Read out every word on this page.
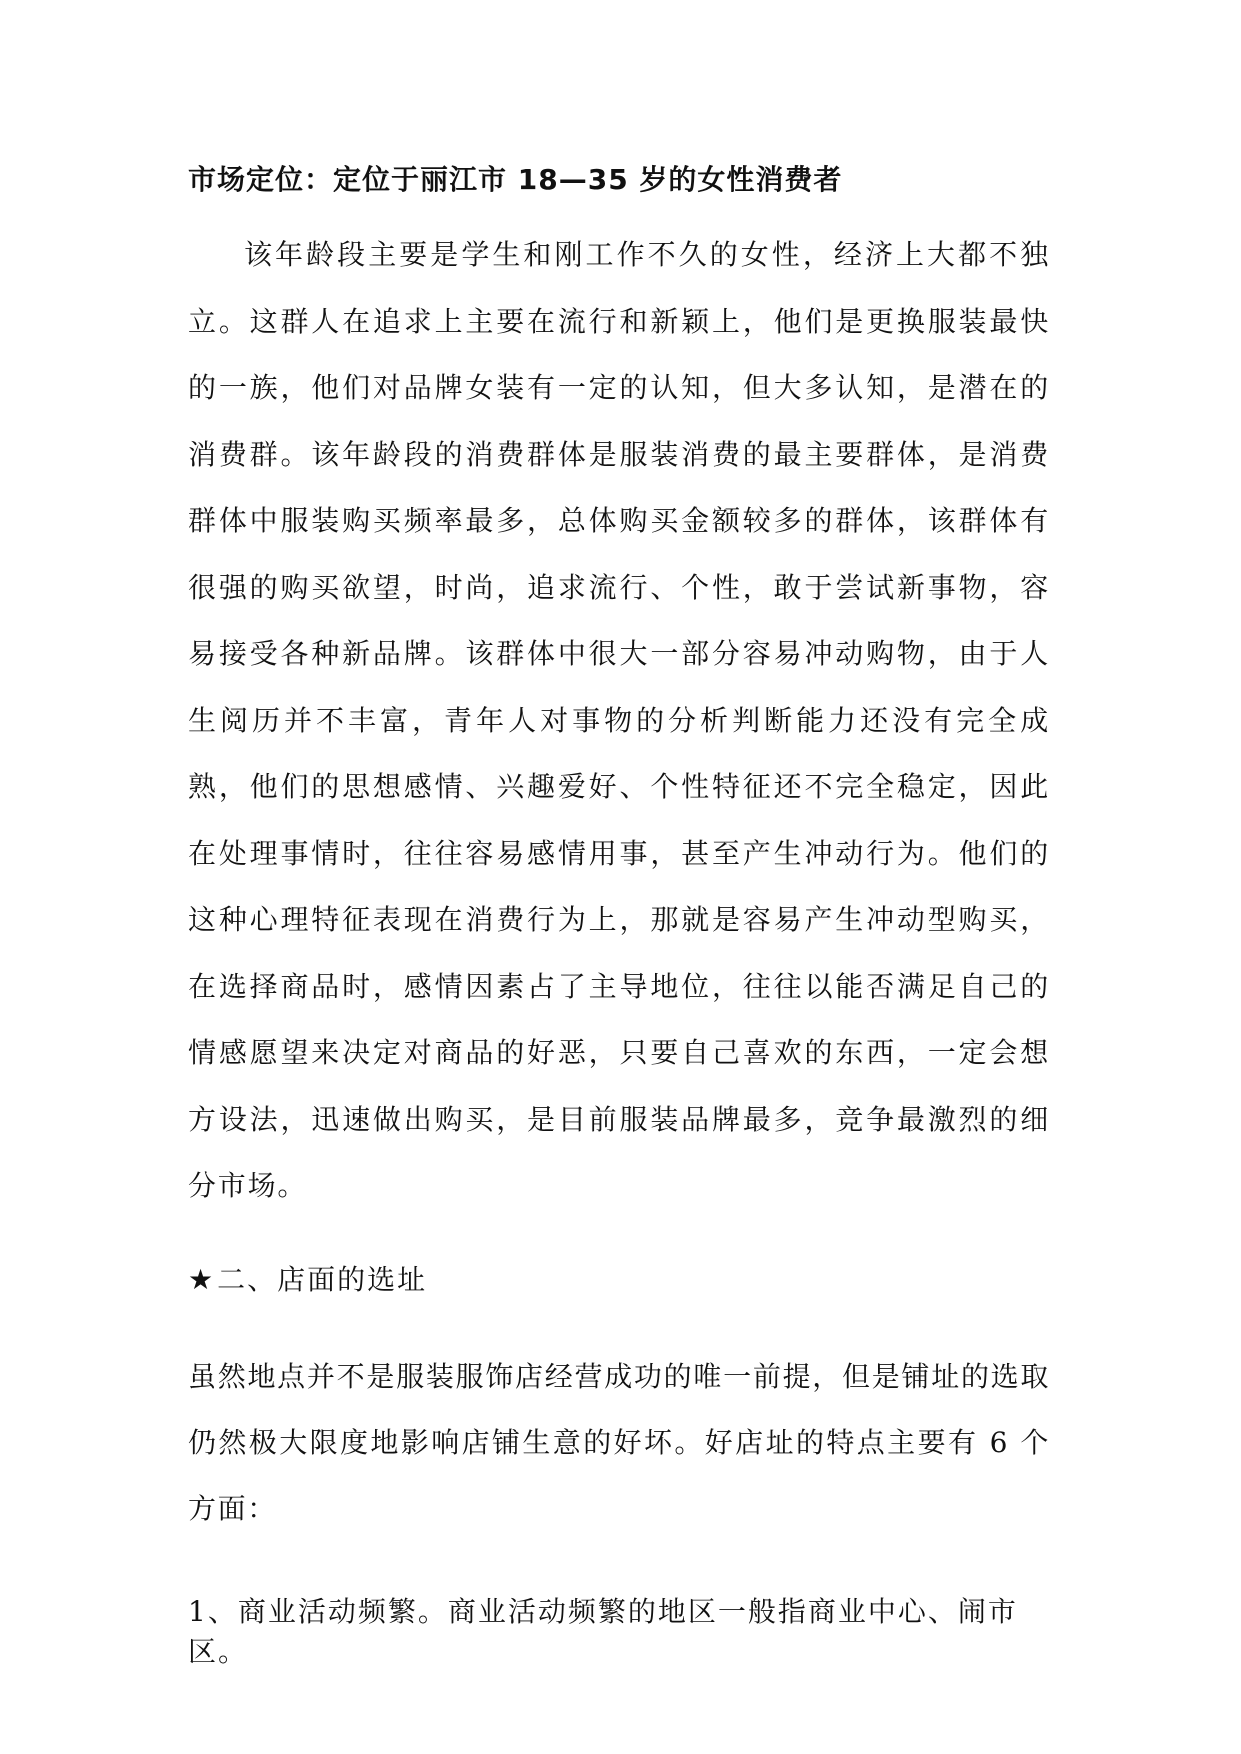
市场定位：定位于丽江市 18—35 岁的女性消费者

该年龄段主要是学生和刚工作不久的女性，经济上大都不独立。这群人在追求上主要在流行和新颖上，他们是更换服装最快的一族，他们对品牌女装有一定的认知，但大多认知，是潜在的消费群。该年龄段的消费群体是服装消费的最主要群体，是消费群体中服装购买频率最多，总体购买金额较多的群体，该群体有很强的购买欲望，时尚，追求流行、个性，敢于尝试新事物，容易接受各种新品牌。该群体中很大一部分容易冲动购物，由于人生阅历并不丰富，青年人对事物的分析判断能力还没有完全成熟，他们的思想感情、兴趣爱好、个性特征还不完全稳定，因此在处理事情时，往往容易感情用事，甚至产生冲动行为。他们的这种心理特征表现在消费行为上，那就是容易产生冲动型购买，在选择商品时，感情因素占了主导地位，往往以能否满足自己的情感愿望来决定对商品的好恶，只要自己喜欢的东西，一定会想方设法，迅速做出购买，是目前服装品牌最多，竞争最激烈的细分市场。

★二、店面的选址

虽然地点并不是服装服饰店经营成功的唯一前提，但是铺址的选取仍然极大限度地影响店铺生意的好坏。好店址的特点主要有 6 个方面：

1、商业活动频繁。商业活动频繁的地区一般指商业中心、闹市区。
